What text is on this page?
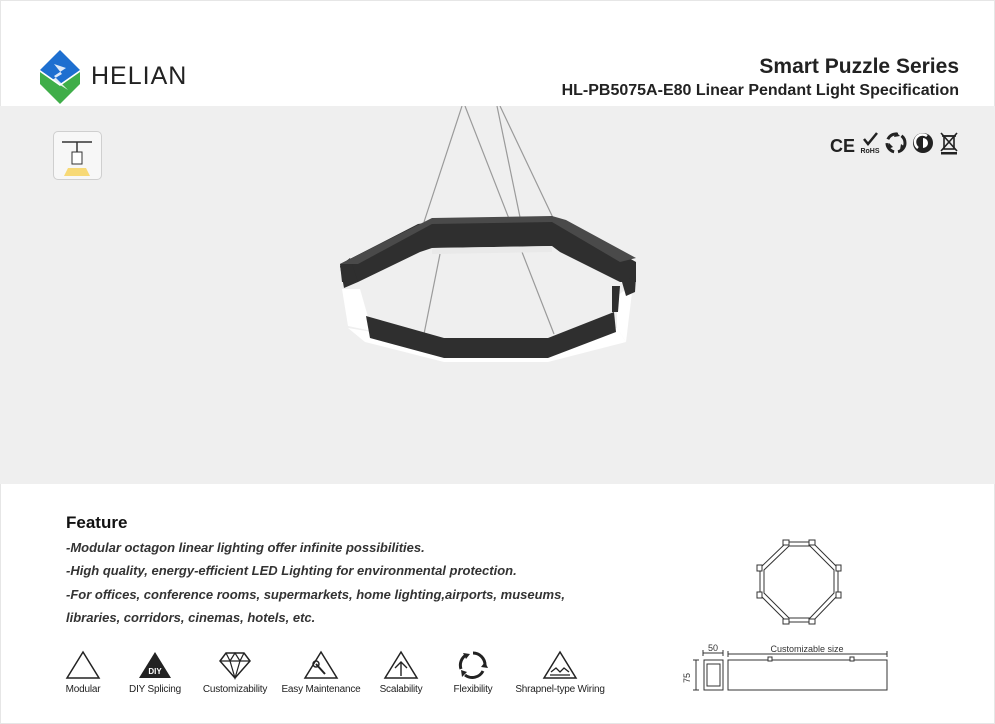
HELIAN	Smart Puzzle Series
HL-PB5075A-E80 Linear Pendant Light Specification
CE RoHS
Feature
-Modular octagon linear lighting offer infinite possibilities.
-High quality, energy-efficient LED Lighting for environmental protection.
-For offices, conference rooms, supermarkets, home lighting,airports, museums,
libraries, corridors, cinemas, hotels, etc.
Modular
DIY
DIY Splicing	Customizability Easy Maintenance	Scalability	Flexibility	Shrapnel-type Wiring
50
75
Customizable size
